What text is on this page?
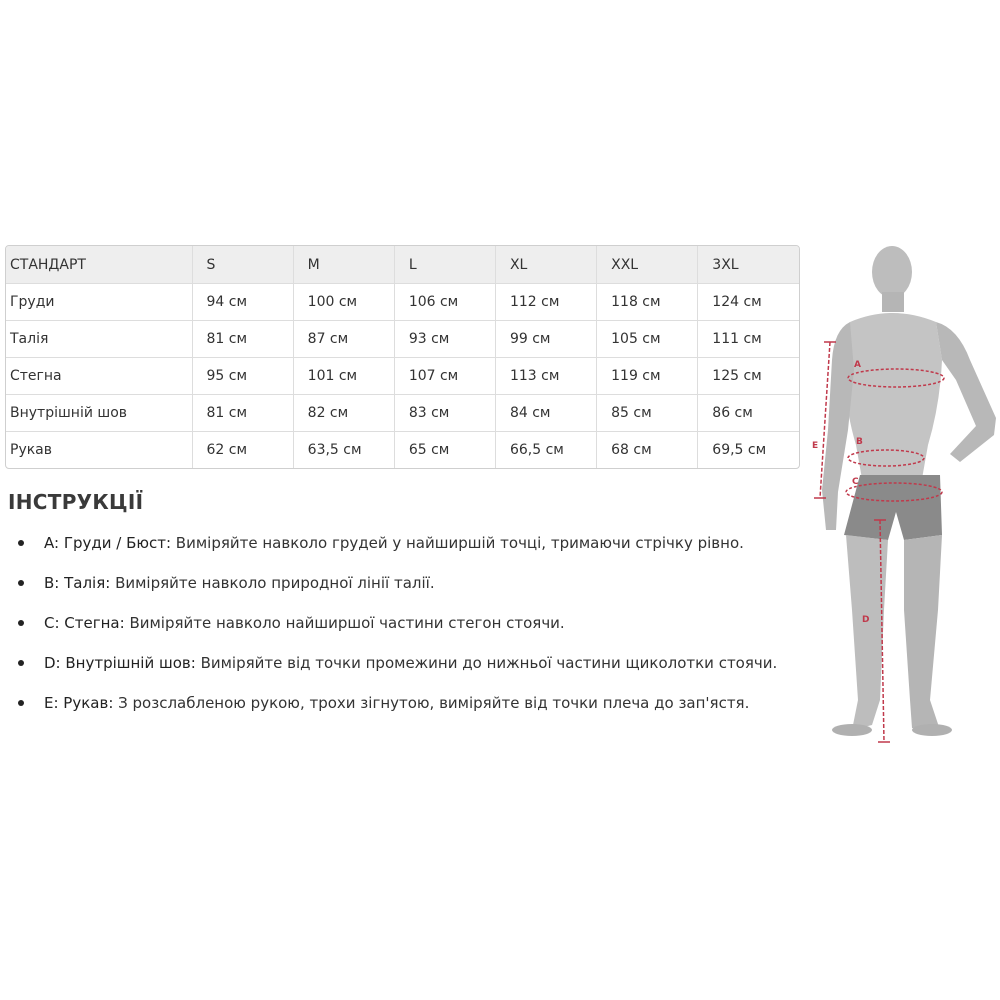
СТАНДАРТ	S	M	L	XL	XXL	3XL
Груди	94 см	100 см	106 см	112 см	118 см	124 см
Талія	81 см	87 см	93 см	99 см	105 см	111 см
Стегна	95 см	101 см	107 см	113 см	119 см	125 см
Внутрішній шов	81 см	82 см	83 см	84 см	85 см	86 см
Рукав	62 см	63,5 см	65 см	66,5 см	68 см	69,5 см
ІНСТРУКЦІЇ
A: Груди / Бюст: Виміряйте навколо грудей у найширшій точці, тримаючи стрічку рівно.
B: Талія: Виміряйте навколо природної лінії талії.
C: Стегна: Виміряйте навколо найширшої частини стегон стоячи.
D: Внутрішній шов: Виміряйте від точки промежини до нижньої частини щиколотки стоячи.
E: Рукав: З розслабленою рукою, трохи зігнутою, виміряйте від точки плеча до зап'ястя.
A
B
C
D
E
